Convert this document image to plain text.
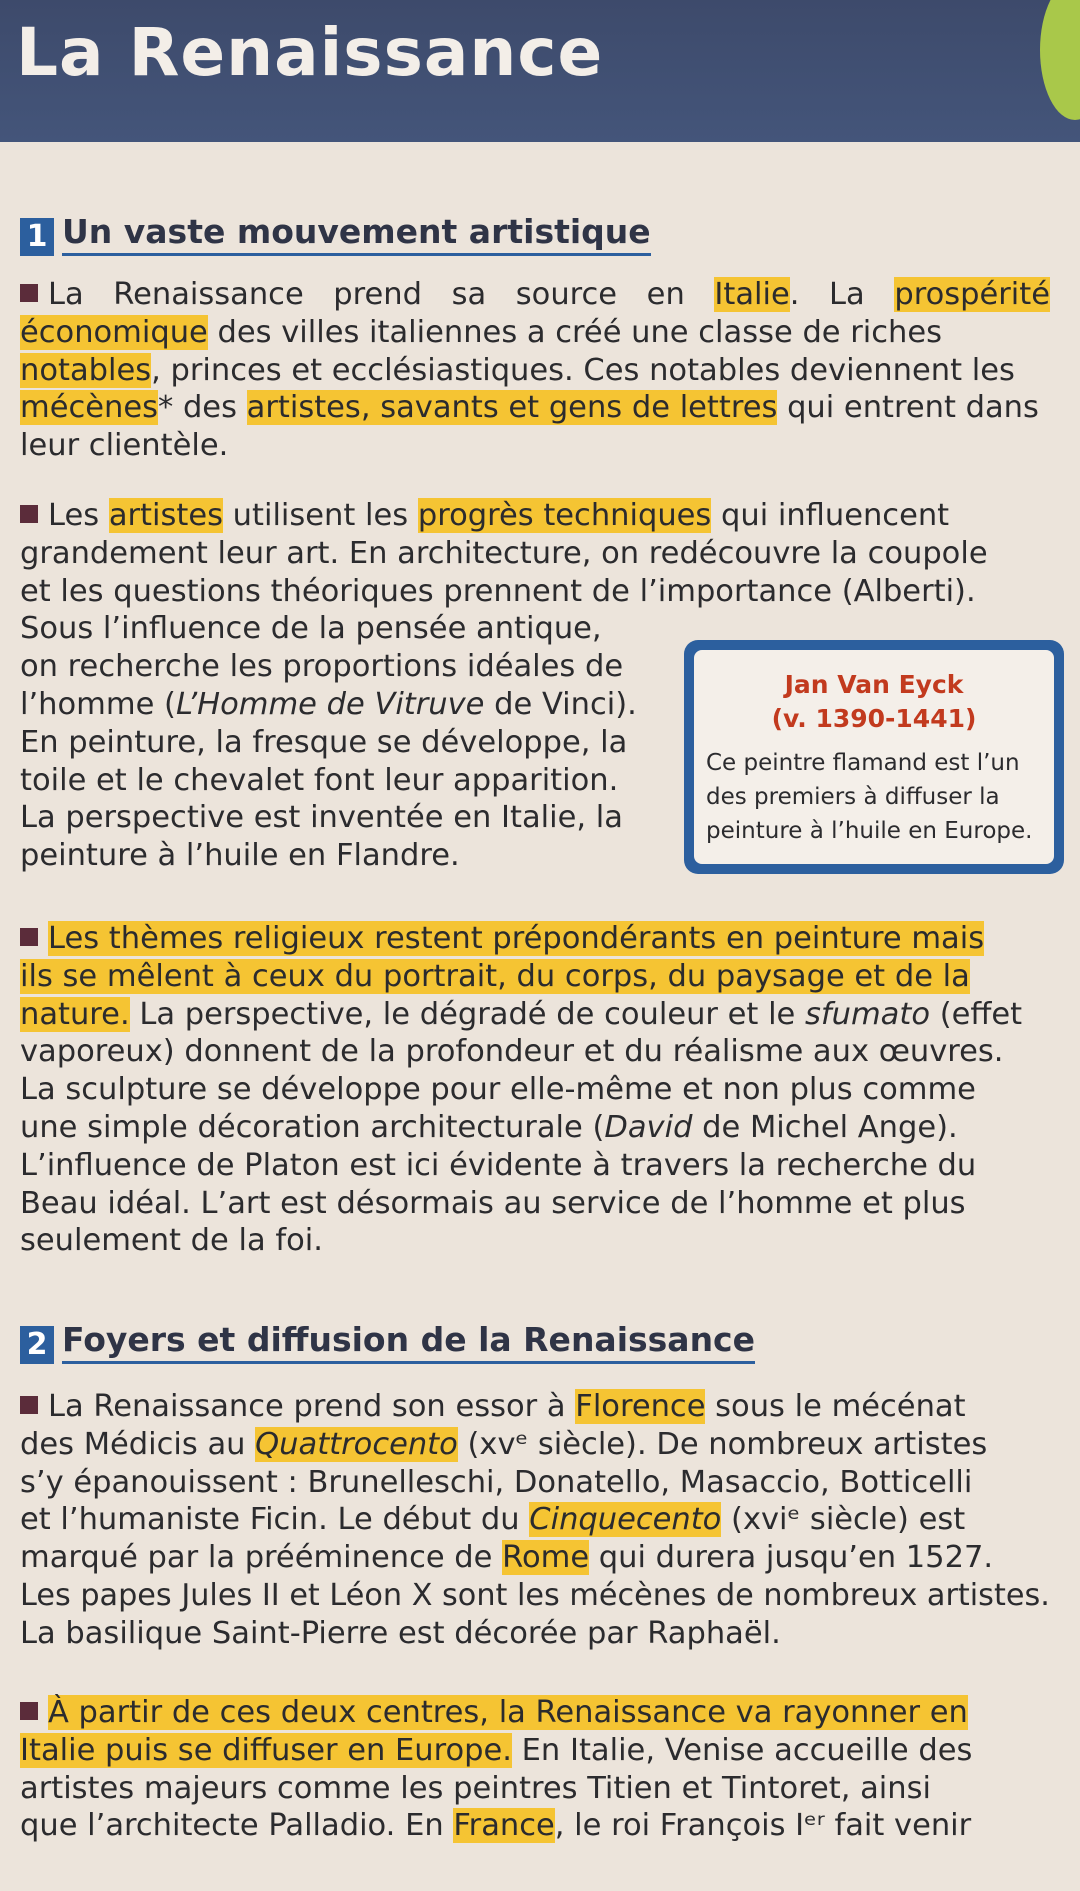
La Renaissance
1 Un vaste mouvement artistique
La Renaissance prend sa source en Italie. La prospérité
économique des villes italiennes a créé une classe de riches
notables, princes et ecclésiastiques. Ces notables deviennent les
mécènes* des artistes, savants et gens de lettres qui entrent dans
leur clientèle.
Les artistes utilisent les progrès techniques qui influencent
grandement leur art. En architecture, on redécouvre la coupole
et les questions théoriques prennent de l’importance (Alberti).
Sous l’influence de la pensée antique,
on recherche les proportions idéales de
l’homme (L’Homme de Vitruve de Vinci).
En peinture, la fresque se développe, la
toile et le chevalet font leur apparition.
La perspective est inventée en Italie, la
peinture à l’huile en Flandre.
Jan Van Eyck
(v. 1390-1441)
Ce peintre flamand est l’un
des premiers à diffuser la
peinture à l’huile en Europe.
Les thèmes religieux restent prépondérants en peinture mais
ils se mêlent à ceux du portrait, du corps, du paysage et de la
nature. La perspective, le dégradé de couleur et le sfumato (effet
vaporeux) donnent de la profondeur et du réalisme aux œuvres.
La sculpture se développe pour elle-même et non plus comme
une simple décoration architecturale (David de Michel Ange).
L’influence de Platon est ici évidente à travers la recherche du
Beau idéal. L’art est désormais au service de l’homme et plus
seulement de la foi.
2 Foyers et diffusion de la Renaissance
La Renaissance prend son essor à Florence sous le mécénat
des Médicis au Quattrocento (xvᵉ siècle). De nombreux artistes
s’y épanouissent : Brunelleschi, Donatello, Masaccio, Botticelli
et l’humaniste Ficin. Le début du Cinquecento (xviᵉ siècle) est
marqué par la prééminence de Rome qui durera jusqu’en 1527.
Les papes Jules II et Léon X sont les mécènes de nombreux artistes.
La basilique Saint-Pierre est décorée par Raphaël.
À partir de ces deux centres, la Renaissance va rayonner en
Italie puis se diffuser en Europe. En Italie, Venise accueille des
artistes majeurs comme les peintres Titien et Tintoret, ainsi
que l’architecte Palladio. En France, le roi François Iᵉʳ fait venir
